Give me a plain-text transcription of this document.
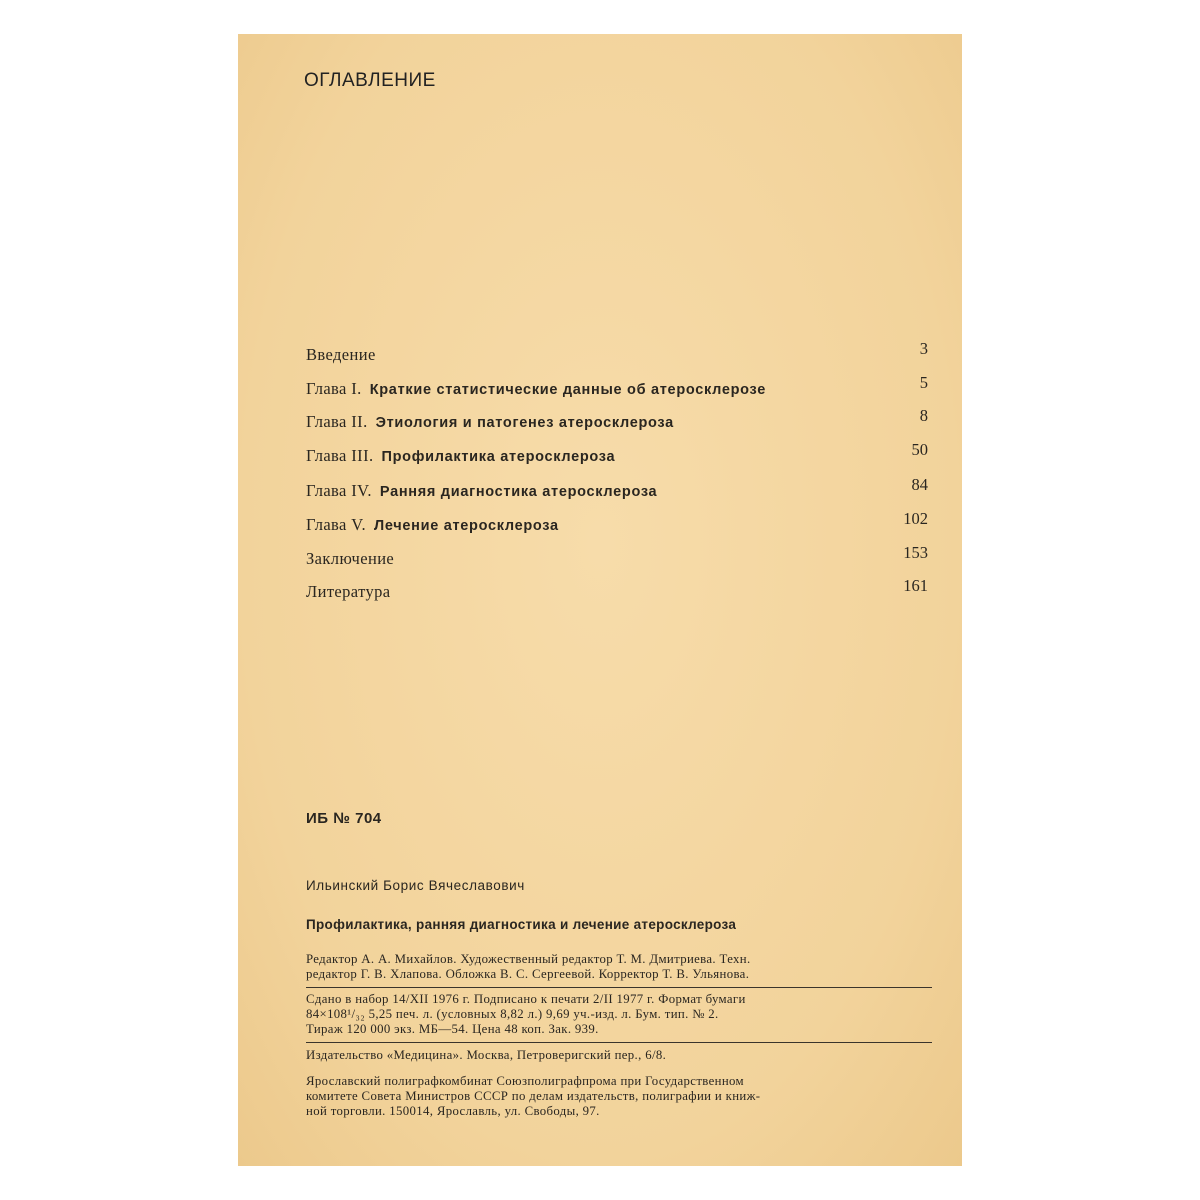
ОГЛАВЛЕНИЕ
Введение	3
Глава I. Краткие статистические данные об атеросклерозе	5
Глава II. Этиология и патогенез атеросклероза	8
Глава III. Профилактика атеросклероза	50
Глава IV. Ранняя диагностика атеросклероза	84
Глава V. Лечение атеросклероза	102
Заключение	153
Литература	161
ИБ № 704
Ильинский Борис Вячеславович
Профилактика, ранняя диагностика и лечение атеросклероза
Редактор А. А. Михайлов. Художественный редактор Т. М. Дмитриева. Техн.
редактор Г. В. Хлапова. Обложка В. С. Сергеевой. Корректор Т. В. Ульянова.
Сдано в набор 14/XII 1976 г. Подписано к печати 2/II 1977 г. Формат бумаги
84×108¹/₃₂ 5,25 печ. л. (условных 8,82 л.) 9,69 уч.-изд. л. Бум. тип. № 2.
Тираж 120 000 экз. МБ—54. Цена 48 коп. Зак. 939.
Издательство «Медицина». Москва, Петроверигский пер., 6/8.
Ярославский полиграфкомбинат Союзполиграфпрома при Государственном
комитете Совета Министров СССР по делам издательств, полиграфии и книж-
ной торговли. 150014, Ярославль, ул. Свободы, 97.
